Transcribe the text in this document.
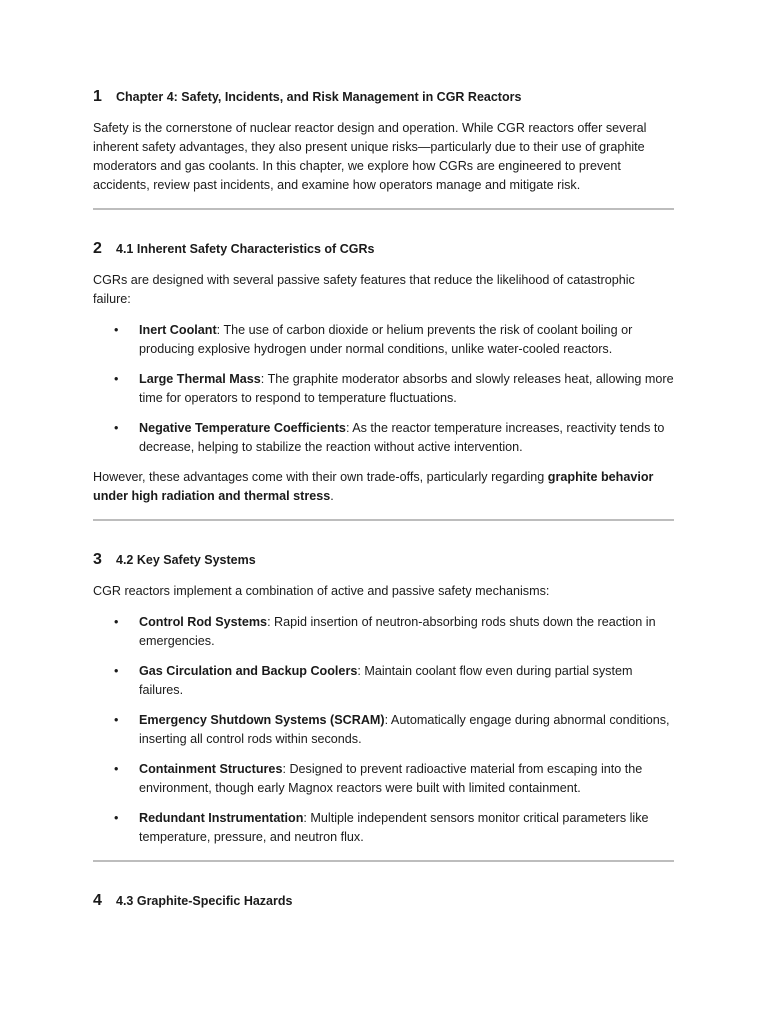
1	Chapter 4: Safety, Incidents, and Risk Management in CGR Reactors

Safety is the cornerstone of nuclear reactor design and operation. While CGR reactors offer several inherent safety advantages, they also present unique risks—particularly due to their use of graphite moderators and gas coolants. In this chapter, we explore how CGRs are engineered to prevent accidents, review past incidents, and examine how operators manage and mitigate risk.

2	4.1 Inherent Safety Characteristics of CGRs

CGRs are designed with several passive safety features that reduce the likelihood of catastrophic failure:

• Inert Coolant: The use of carbon dioxide or helium prevents the risk of coolant boiling or producing explosive hydrogen under normal conditions, unlike water-cooled reactors.
• Large Thermal Mass: The graphite moderator absorbs and slowly releases heat, allowing more time for operators to respond to temperature fluctuations.
• Negative Temperature Coefficients: As the reactor temperature increases, reactivity tends to decrease, helping to stabilize the reaction without active intervention.

However, these advantages come with their own trade-offs, particularly regarding graphite behavior under high radiation and thermal stress.

3	4.2 Key Safety Systems

CGR reactors implement a combination of active and passive safety mechanisms:

• Control Rod Systems: Rapid insertion of neutron-absorbing rods shuts down the reaction in emergencies.
• Gas Circulation and Backup Coolers: Maintain coolant flow even during partial system failures.
• Emergency Shutdown Systems (SCRAM): Automatically engage during abnormal conditions, inserting all control rods within seconds.
• Containment Structures: Designed to prevent radioactive material from escaping into the environment, though early Magnox reactors were built with limited containment.
• Redundant Instrumentation: Multiple independent sensors monitor critical parameters like temperature, pressure, and neutron flux.
4	4.3 Graphite-Specific Hazards
